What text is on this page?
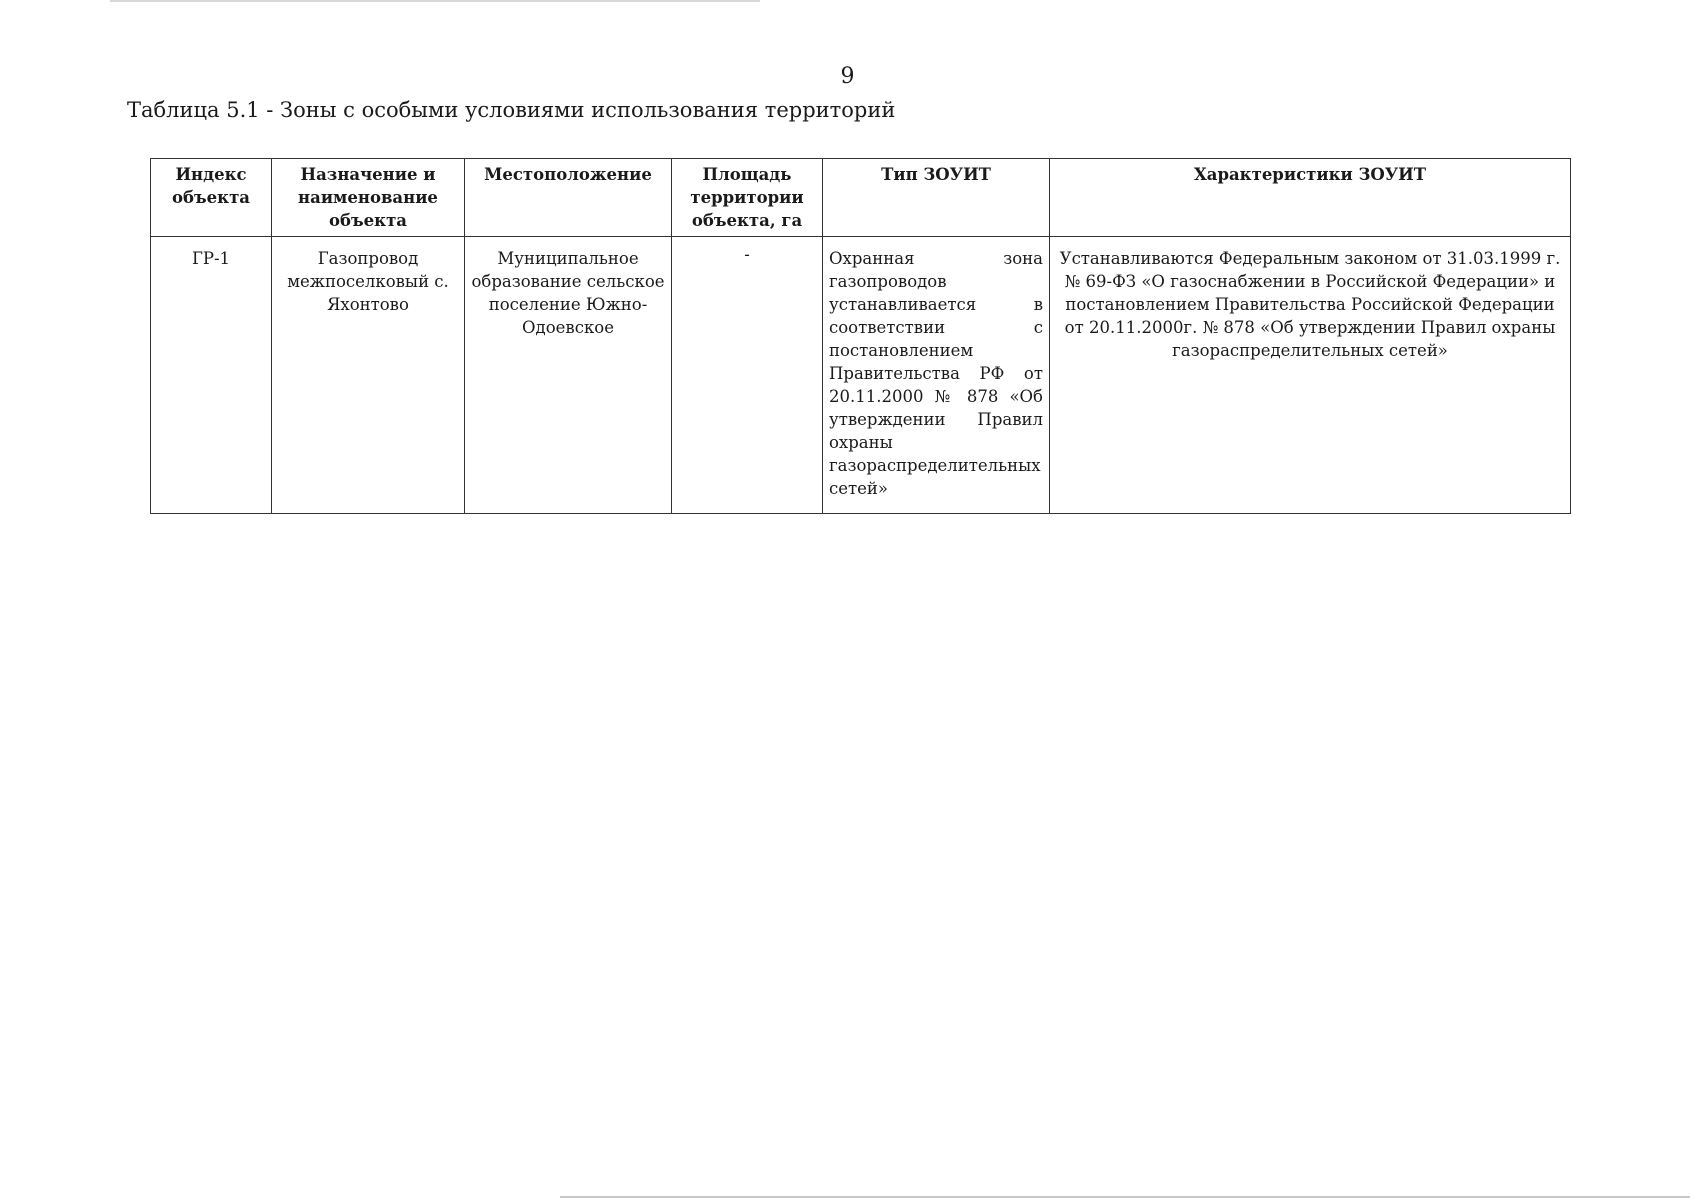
9
Таблица 5.1 - Зоны с особыми условиями использования территорий
Индекс объекта	Назначение и наименование объекта	Местоположение	Площадь территории объекта, га	Тип ЗОУИТ	Характеристики ЗОУИТ
ГР-1	Газопровод межпоселковый с. Яхонтово	Муниципальное образование сельское поселение Южно-Одоевское	-	Охранная зона газопроводов устанавливается в соответствии с постановлением Правительства РФ от 20.11.2000 № 878 «Об утверждении Правил охраны газораспределительных сетей»	Устанавливаются Федеральным законом от 31.03.1999 г. № 69-ФЗ «О газоснабжении в Российской Федерации» и постановлением Правительства Российской Федерации от 20.11.2000г. № 878 «Об утверждении Правил охраны газораспределительных сетей»
